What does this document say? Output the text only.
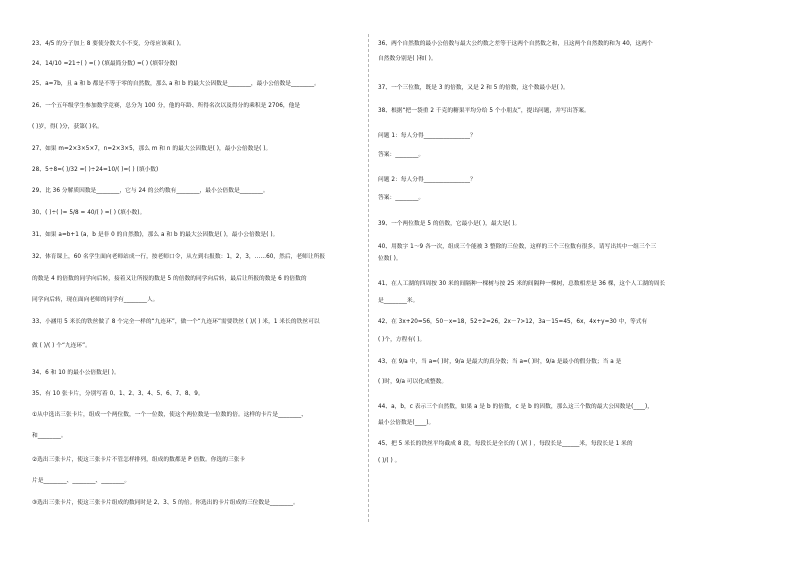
23、4/5 的分子加上 8 要使分数大小不变，分母应该乘( )。
24、14/10 =21÷( ) =( ) (填最简分数) =( ) (填带分数)
25、a=7b，且 a 和 b 都是不等于零的自然数，那么 a 和 b 的最大公因数是________，最小公倍数是________。
26、一个五年级学生参加数学竞赛，总分为 100 分，他的年龄、所得名次以及得分的乘积是 2706，他是
( )岁，得( )分，获第( )名。
27、如果 m=2×3×5×7，n=2×3×5，那么 m 和 n 的最大公因数是( )，最小公倍数是( )。
28、5÷8=( )/32 =( )÷24=10/( )=( ) (填小数)
29、比 36 分解质因数是________，它与 24 的公约数有________，最小公倍数是________。
30、( )÷( )= 5/8 = 40/( ) =( ) (填小数)。
31、如果 a=b+1 (a，b 是非 0 的自然数)，那么 a 和 b 的最大公因数是( )，最小公倍数是( )。
32、体育课上，60 名学生面向老师站成一行，按老师口令，从左到右报数：1，2，3，……60，然后，老师让所报
的数是 4 的倍数的同学向后转，接着又让所报的数是 5 的倍数的同学向后转，最后让所报的数是 6 的倍数的
同学向后转，现在面向老师的同学有________人。
33、小涵用 5 米长的铁丝做了 8 个完全一样的“九连环”，做一个“九连环”需要铁丝 ( )/( ) 米，1 米长的铁丝可以
做 ( )/( ) 个“九连环”。
34、6 和 10 的最小公倍数是( )。
35、有 10 张卡片，分别写着 0、1、2、3、4、5、6、7、8、9。
①从中选出三张卡片，组成一个两位数，一个一位数，使这个两位数是一位数的倍。这样的卡片是________、
和________。
②选出三张卡片，使这三张卡片不管怎样排列，组成的数都是 P 倍数。你选的三张卡
片是________、________、________。
③选出三张卡片，使这三张卡片组成的数同时是 2、3、5 的倍。你选出的卡片组成的三位数是________。
36、两个自然数的最小公倍数与最大公约数之差等于这两个自然数之和，且这两个自然数的和为 40，这两个
自然数分别是( )和( )。
37、一个三位数，既是 3 的倍数，又是 2 和 5 的倍数，这个数最小是( )。
38、根据“把一袋重 2 千克的糖果平均分给 5 个小朋友”，提出问题，并写出答案。
问题 1：每人分得________________？
答案：________。
问题 2：每人分得________________？
答案：________。
39、一个两位数是 5 的倍数，它最小是( )，最大是( )。
40、用数字 1～9 各一次，组成三个能被 3 整除的三位数，这样的三个三位数有很多，请写出其中一组三个三
位数( )。
41、在人工湖的四周按 30 米的间隔种一棵树与按 25 米的间隔种一棵树，总数相差是 36 棵，这个人工湖的周长
是________米。
42、在 3x+20=56，50－x=18，52÷2=26，2x－7>12，3a－15=45，6x，4x+y=30 中，等式有
( )个，方程有( )。
43、在 9/a 中，当 a=( )时，9/a 是最大的真分数；当 a=( )时，9/a 是最小的假分数；当 a 是
( )时，9/a 可以化成整数。
44、a，b，c 表示三个自然数，如果 a 是 b 的倍数，c 是 b 的因数，那么这三个数的最大公因数是(____)，
最小公倍数是(____)。
45、把 5 米长的铁丝平均截成 8 段，每段长是全长的 ( )/( ) ，每段长是______米，每段长是 1 米的
( )/( ) 。
